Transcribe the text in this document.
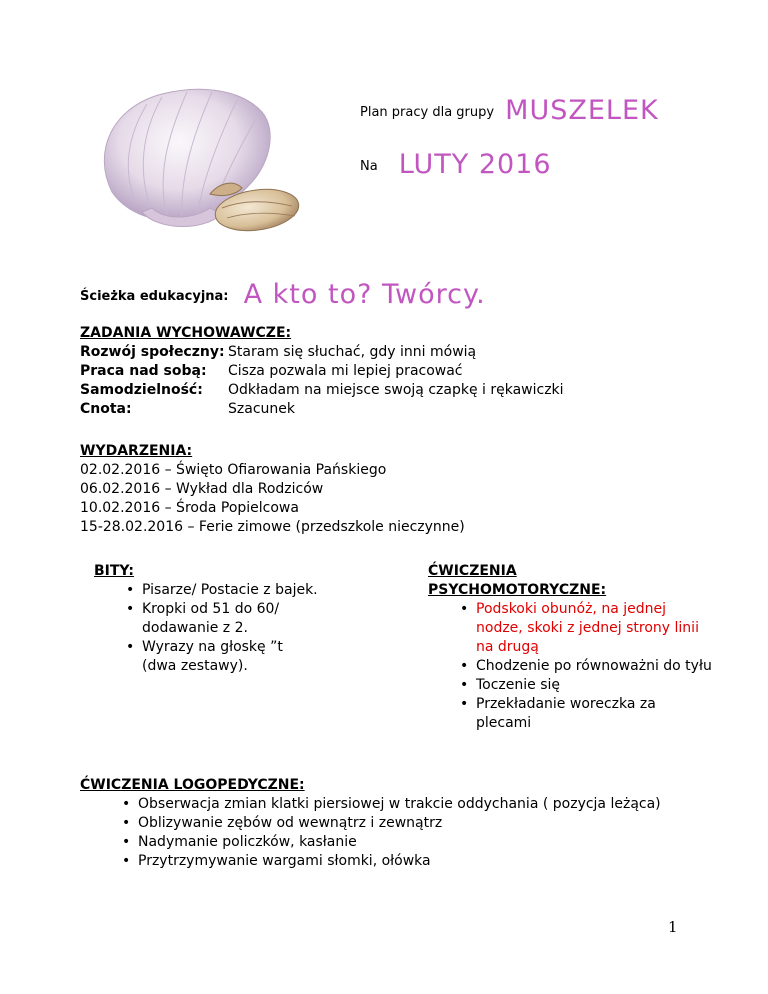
Plan pracy dla grupy MUSZELEK
Na LUTY 2016
Ścieżka edukacyjna: A kto to? Twórcy.
ZADANIA WYCHOWAWCZE:
Rozwój społeczny: Staram się słuchać, gdy inni mówią
Praca nad sobą:	Cisza pozwala mi lepiej pracować
Samodzielność:	Odkładam na miejsce swoją czapkę i rękawiczki
Cnota:	Szacunek
WYDARZENIA:
02.02.2016 – Święto Ofiarowania Pańskiego
06.02.2016 – Wykład dla Rodziców
10.02.2016 – Środa Popielcowa
15-28.02.2016 – Ferie zimowe (przedszkole nieczynne)
BITY:
• Pisarze/ Postacie z bajek.
• Kropki od 51 do 60/
dodawanie z 2.
• Wyrazy na głoskę ”t
(dwa zestawy).
ĆWICZENIA
PSYCHOMOTORYCZNE:
• Podskoki obunóż, na jednej
nodze, skoki z jednej strony linii
na drugą
• Chodzenie po równoważni do tyłu
• Toczenie się
• Przekładanie woreczka za
plecami
ĆWICZENIA LOGOPEDYCZNE:
• Obserwacja zmian klatki piersiowej w trakcie oddychania ( pozycja leżąca)
• Oblizywanie zębów od wewnątrz i zewnątrz
• Nadymanie policzków, kasłanie
• Przytrzymywanie wargami słomki, ołówka
1
